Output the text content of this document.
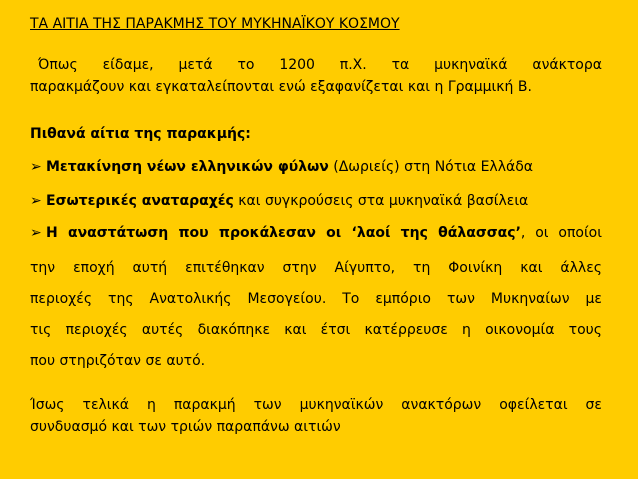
ΤΑ ΑΙΤΙΑ ΤΗΣ ΠΑΡΑΚΜΗΣ ΤΟΥ ΜΥΚΗΝΑΪΚΟΥ ΚΟΣΜΟΥ
Όπως είδαμε, μετά το 1200 π.Χ. τα μυκηναϊκά ανάκτορα
παρακμάζουν και εγκαταλείπονται ενώ εξαφανίζεται και η Γραμμική Β.
Πιθανά αίτια της παρακμής:
➢ Μετακίνηση νέων ελληνικών φύλων (Δωριείς) στη Νότια Ελλάδα
➢ Εσωτερικές αναταραχές και συγκρούσεις στα μυκηναϊκά βασίλεια
➢ Η αναστάτωση που προκάλεσαν οι ‘λαοί της θάλασσας’, οι οποίοι
την εποχή αυτή επιτέθηκαν στην Αίγυπτο, τη Φοινίκη και άλλες
περιοχές της Ανατολικής Μεσογείου. Το εμπόριο των Μυκηναίων με
τις περιοχές αυτές διακόπηκε και έτσι κατέρρευσε η οικονομία τους
που στηριζόταν σε αυτό.
Ίσως τελικά η παρακμή των μυκηναϊκών ανακτόρων οφείλεται σε
συνδυασμό και των τριών παραπάνω αιτιών
